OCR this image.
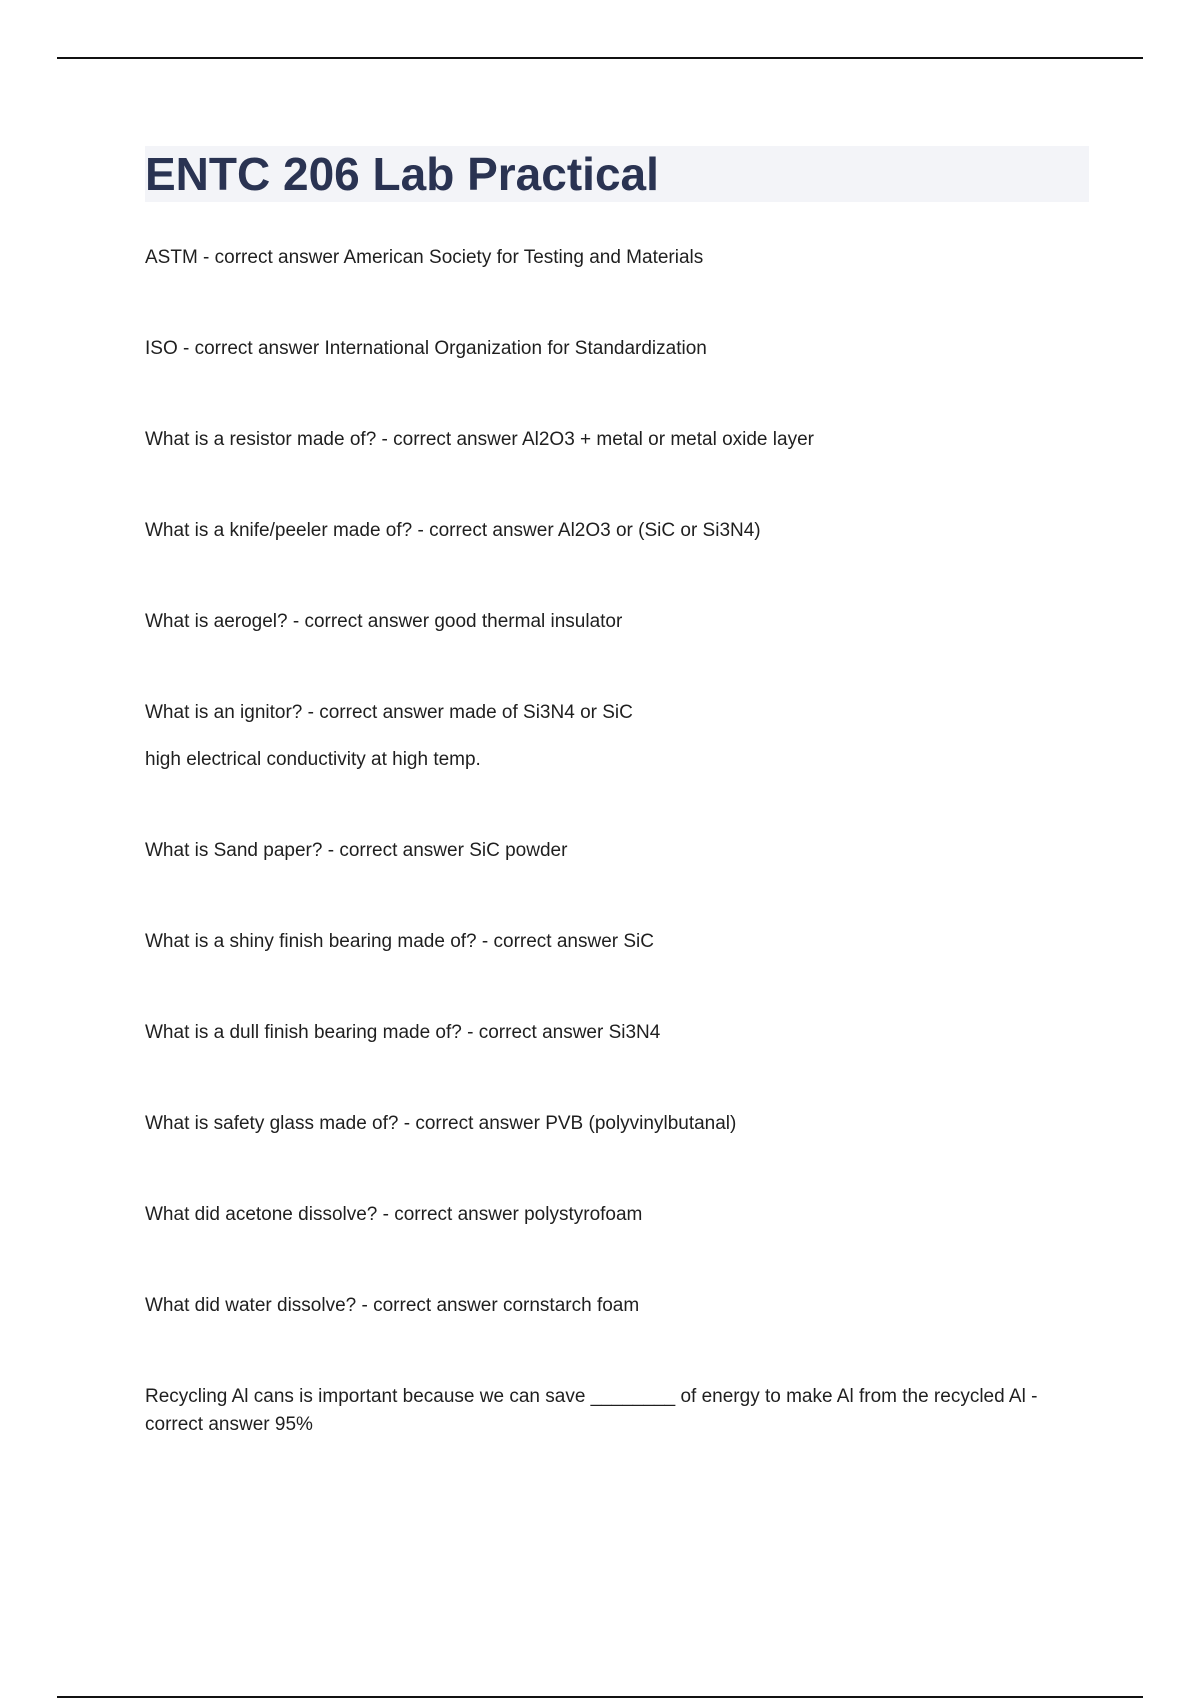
ENTC 206 Lab Practical
ASTM - correct answer American Society for Testing and Materials
ISO - correct answer International Organization for Standardization
What is a resistor made of? - correct answer Al2O3 + metal or metal oxide layer
What is a knife/peeler made of? - correct answer Al2O3 or (SiC or Si3N4)
What is aerogel? - correct answer good thermal insulator
What is an ignitor? - correct answer made of Si3N4 or SiC
high electrical conductivity at high temp.
What is Sand paper? - correct answer SiC powder
What is a shiny finish bearing made of? - correct answer SiC
What is a dull finish bearing made of? - correct answer Si3N4
What is safety glass made of? - correct answer PVB (polyvinylbutanal)
What did acetone dissolve? - correct answer polystyrofoam
What did water dissolve? - correct answer cornstarch foam
Recycling Al cans is important because we can save ________ of energy to make Al from the recycled Al - correct answer 95%
